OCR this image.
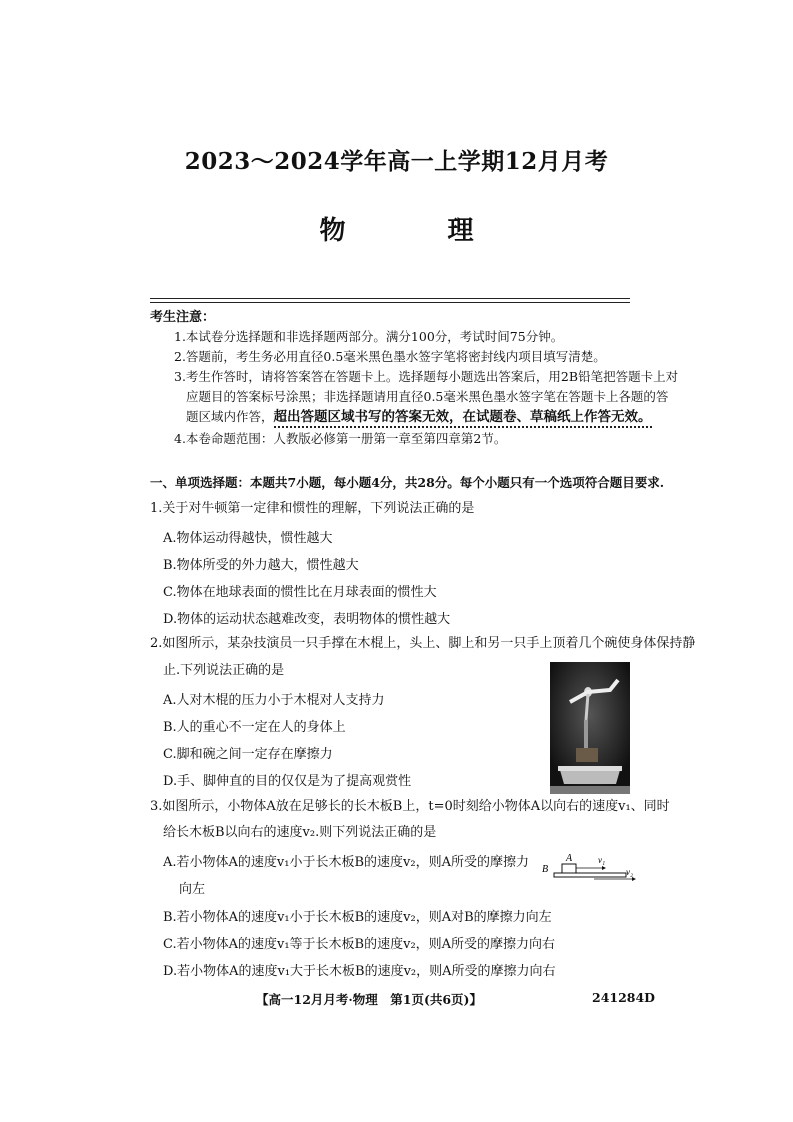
2023～2024学年高一上学期12月月考
物　理
考生注意：
1.本试卷分选择题和非选择题两部分。满分100分，考试时间75分钟。
2.答题前，考生务必用直径0.5毫米黑色墨水签字笔将密封线内项目填写清楚。
3.考生作答时，请将答案答在答题卡上。选择题每小题选出答案后，用2B铅笔把答题卡上对
应题目的答案标号涂黑；非选择题请用直径0.5毫米黑色墨水签字笔在答题卡上各题的答
题区域内作答，超出答题区域书写的答案无效，在试题卷、草稿纸上作答无效。
4.本卷命题范围：人教版必修第一册第一章至第四章第2节。
一、单项选择题：本题共7小题，每小题4分，共28分。每个小题只有一个选项符合题目要求.
1.关于对牛顿第一定律和惯性的理解，下列说法正确的是
A.物体运动得越快，惯性越大
B.物体所受的外力越大，惯性越大
C.物体在地球表面的惯性比在月球表面的惯性大
D.物体的运动状态越难改变，表明物体的惯性越大
2.如图所示，某杂技演员一只手撑在木棍上，头上、脚上和另一只手上顶着几个碗使身体保持静
止.下列说法正确的是
A.人对木棍的压力小于木棍对人支持力
B.人的重心不一定在人的身体上
C.脚和碗之间一定存在摩擦力
D.手、脚伸直的目的仅仅是为了提高观赏性
3.如图所示，小物体A放在足够长的长木板B上，t=0时刻给小物体A以向右的速度v₁、同时
给长木板B以向右的速度v₂.则下列说法正确的是
A.若小物体A的速度v₁小于长木板B的速度v₂，则A所受的摩擦力
向左
B.若小物体A的速度v₁小于长木板B的速度v₂，则A对B的摩擦力向左
C.若小物体A的速度v₁等于长木板B的速度v₂，则A所受的摩擦力向右
D.若小物体A的速度v₁大于长木板B的速度v₂，则A所受的摩擦力向右
B
A	v₁
v₂
【高一12月月考·物理　第1页(共6页)】	241284D
